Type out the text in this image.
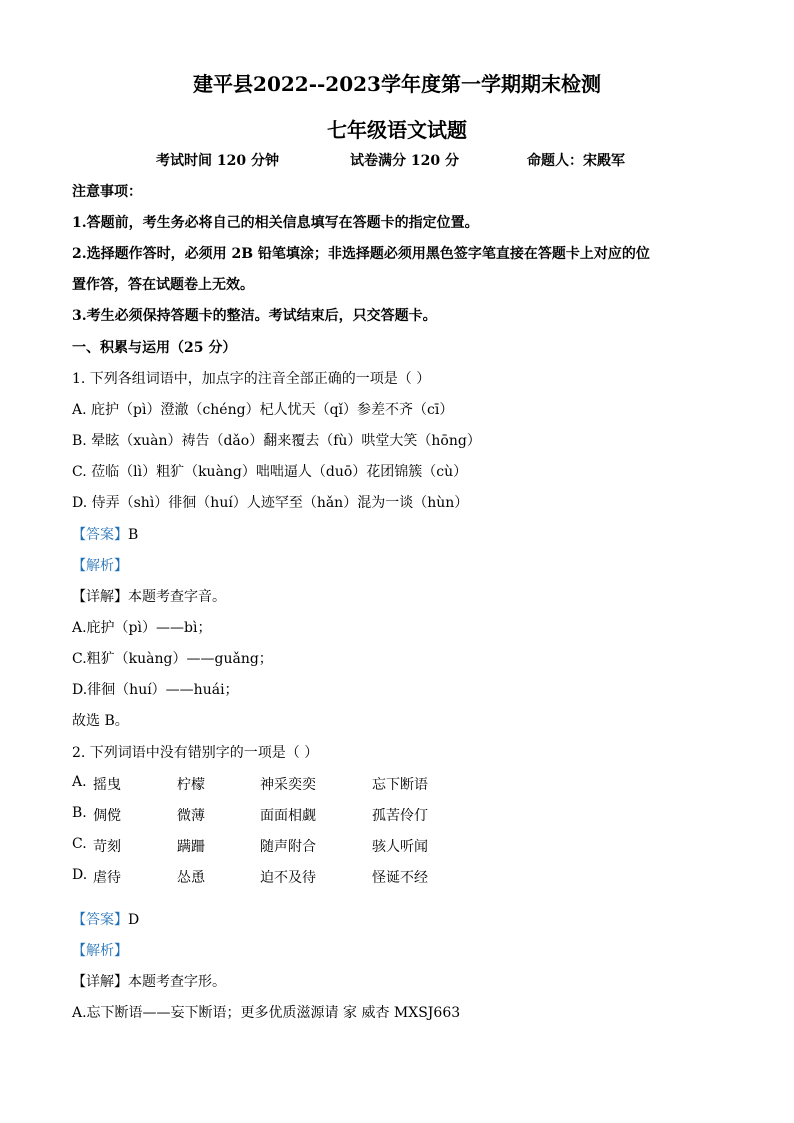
建平县2022--2023学年度第一学期期末检测
七年级语文试题
考试时间 120 分钟	试卷满分 120 分	命题人：宋殿军
注意事项：
1.答题前，考生务必将自己的相关信息填写在答题卡的指定位置。
2.选择题作答时，必须用 2B 铅笔填涂；非选择题必须用黑色签字笔直接在答题卡上对应的位
置作答，答在试题卷上无效。
3.考生必须保持答题卡的整洁。考试结束后，只交答题卡。
一、积累与运用（25 分）
1. 下列各组词语中，加点字的注音全部正确的一项是（ ）
A. 庇护（pì）澄澈（chéng）杞人忧天（qǐ）参差不齐（cī）
B. 晕眩（xuàn）祷告（dǎo）翻来覆去（fù）哄堂大笑（hōng）
C. 莅临（lì）粗犷（kuàng）咄咄逼人（duō）花团锦簇（cù）
D. 侍弄（shì）徘徊（huí）人迹罕至（hǎn）混为一谈（hùn）
【答案】B
【解析】
【详解】本题考查字音。
A.庇护（pì）——bì；
C.粗犷（kuàng）——guǎng；
D.徘徊（huí）——huái；
故选 B。
2. 下列词语中没有错别字的一项是（ ）
A. 摇曳	柠檬	神采奕奕	忘下断语
B. 倜傥	微薄	面面相觑	孤苦伶仃
C. 苛刻	蹒跚	随声附合	骇人听闻
D. 虐待	怂恿	迫不及待	怪诞不经
【答案】D
【解析】
【详解】本题考查字形。
A.忘下断语——妄下断语；更多优质滋源请 家 威杏 MXSJ663
